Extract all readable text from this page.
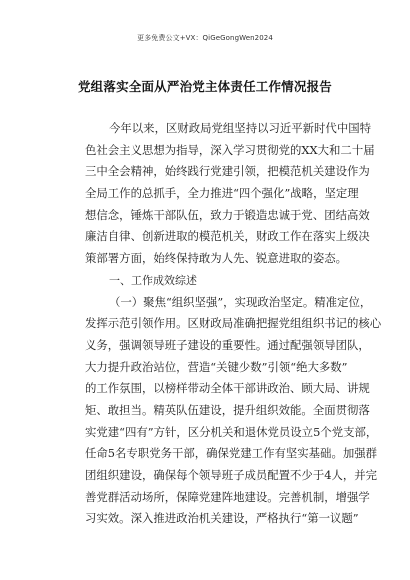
更多免费公文+VX：QiGeGongWen2024
党组落实全面从严治党主体责任工作情况报告
今年以来，区财政局党组坚持以习近平新时代中国特
色社会主义思想为指导，深入学习贯彻党的XX大和二十届
三中全会精神，始终践行党建引领，把模范机关建设作为
全局工作的总抓手，全力推进“四个强化”战略，坚定理
想信念，锤炼干部队伍，致力于锻造忠诚于党、团结高效
廉洁自律、创新进取的模范机关，财政工作在落实上级决
策部署方面，始终保持敢为人先、锐意进取的姿态。
一、工作成效综述
（一）聚焦“组织坚强”，实现政治坚定。精准定位，
发挥示范引领作用。区财政局准确把握党组组织书记的核心
义务，强调领导班子建设的重要性。通过配强领导团队，
大力提升政治站位，营造“关键少数”引领“绝大多数”
的工作氛围，以榜样带动全体干部讲政治、顾大局、讲规
矩、敢担当。精英队伍建设，提升组织效能。全面贯彻落
实党建“四有”方针，区分机关和退休党员设立5个党支部，
任命5名专职党务干部，确保党建工作有坚实基础。加强群
团组织建设，确保每个领导班子成员配置不少于4人，并完
善党群活动场所，保障党建阵地建设。完善机制，增强学
习实效。深入推进政治机关建设，严格执行“第一议题”
